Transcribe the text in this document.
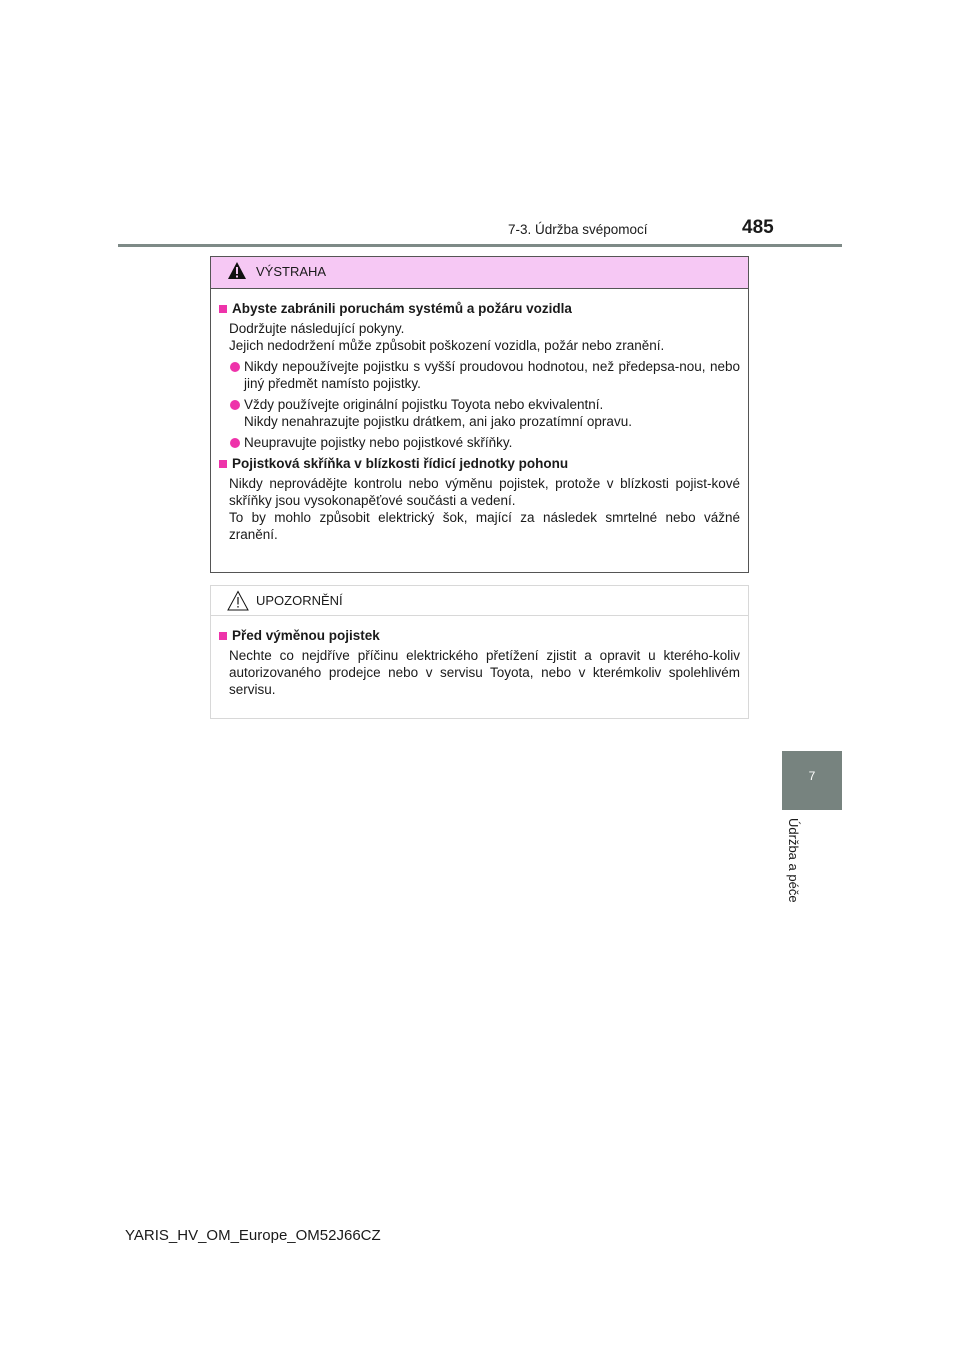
7-3. Údržba svépomocí	485
7
Údržba a péče
VÝSTRAHA
Abyste zabránili poruchám systémů a požáru vozidla
Dodržujte následující pokyny.
Jejich nedodržení může způsobit poškození vozidla, požár nebo zranění.
Nikdy nepoužívejte pojistku s vyšší proudovou hodnotou, než předepsa-nou, nebo jiný předmět namísto pojistky.
Vždy používejte originální pojistku Toyota nebo ekvivalentní.
Nikdy nenahrazujte pojistku drátkem, ani jako prozatímní opravu.
Neupravujte pojistky nebo pojistkové skříňky.
Pojistková skříňka v blízkosti řídicí jednotky pohonu
Nikdy neprovádějte kontrolu nebo výměnu pojistek, protože v blízkosti pojist-kové skříňky jsou vysokonapěťové součásti a vedení.
To by mohlo způsobit elektrický šok, mající za následek smrtelné nebo vážné zranění.
UPOZORNĚNÍ
Před výměnou pojistek
Nechte co nejdříve příčinu elektrického přetížení zjistit a opravit u kterého-koliv autorizovaného prodejce nebo v servisu Toyota, nebo v kterémkoliv spolehlivém servisu.
YARIS_HV_OM_Europe_OM52J66CZ
